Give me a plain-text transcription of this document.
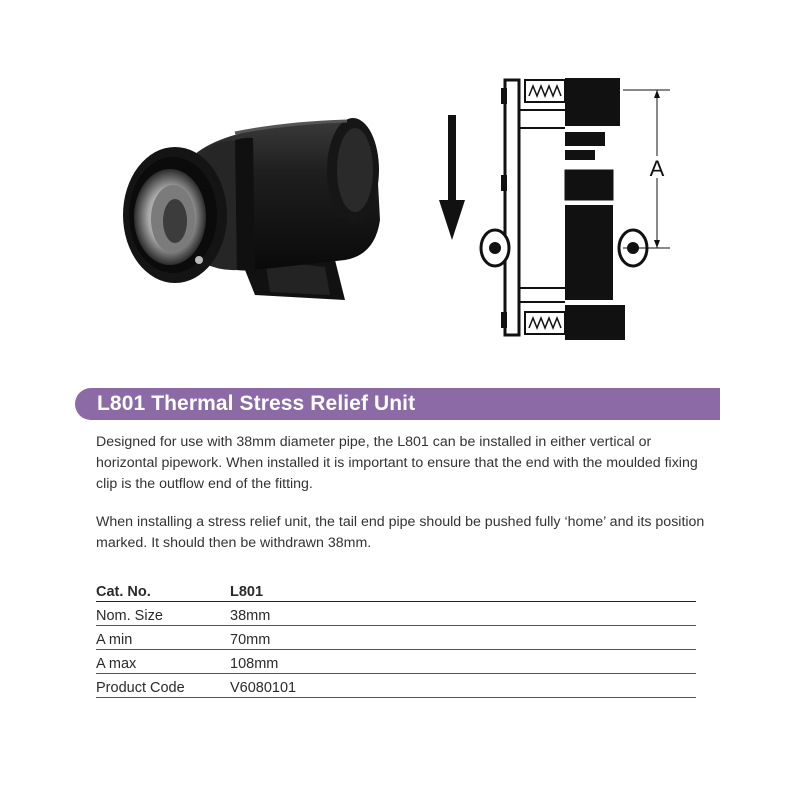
A
L801 Thermal Stress Relief Unit

Designed for use with 38mm diameter pipe, the L801 can be installed in either vertical or horizontal pipework. When installed it is important to ensure that the end with the moulded fixing clip is the outflow end of the fitting.

When installing a stress relief unit, the tail end pipe should be pushed fully ‘home’ and its position marked. It should then be withdrawn 38mm.

Cat. No.	L801
Nom. Size	38mm
A min	70mm
A max	108mm
Product Code	V6080101
